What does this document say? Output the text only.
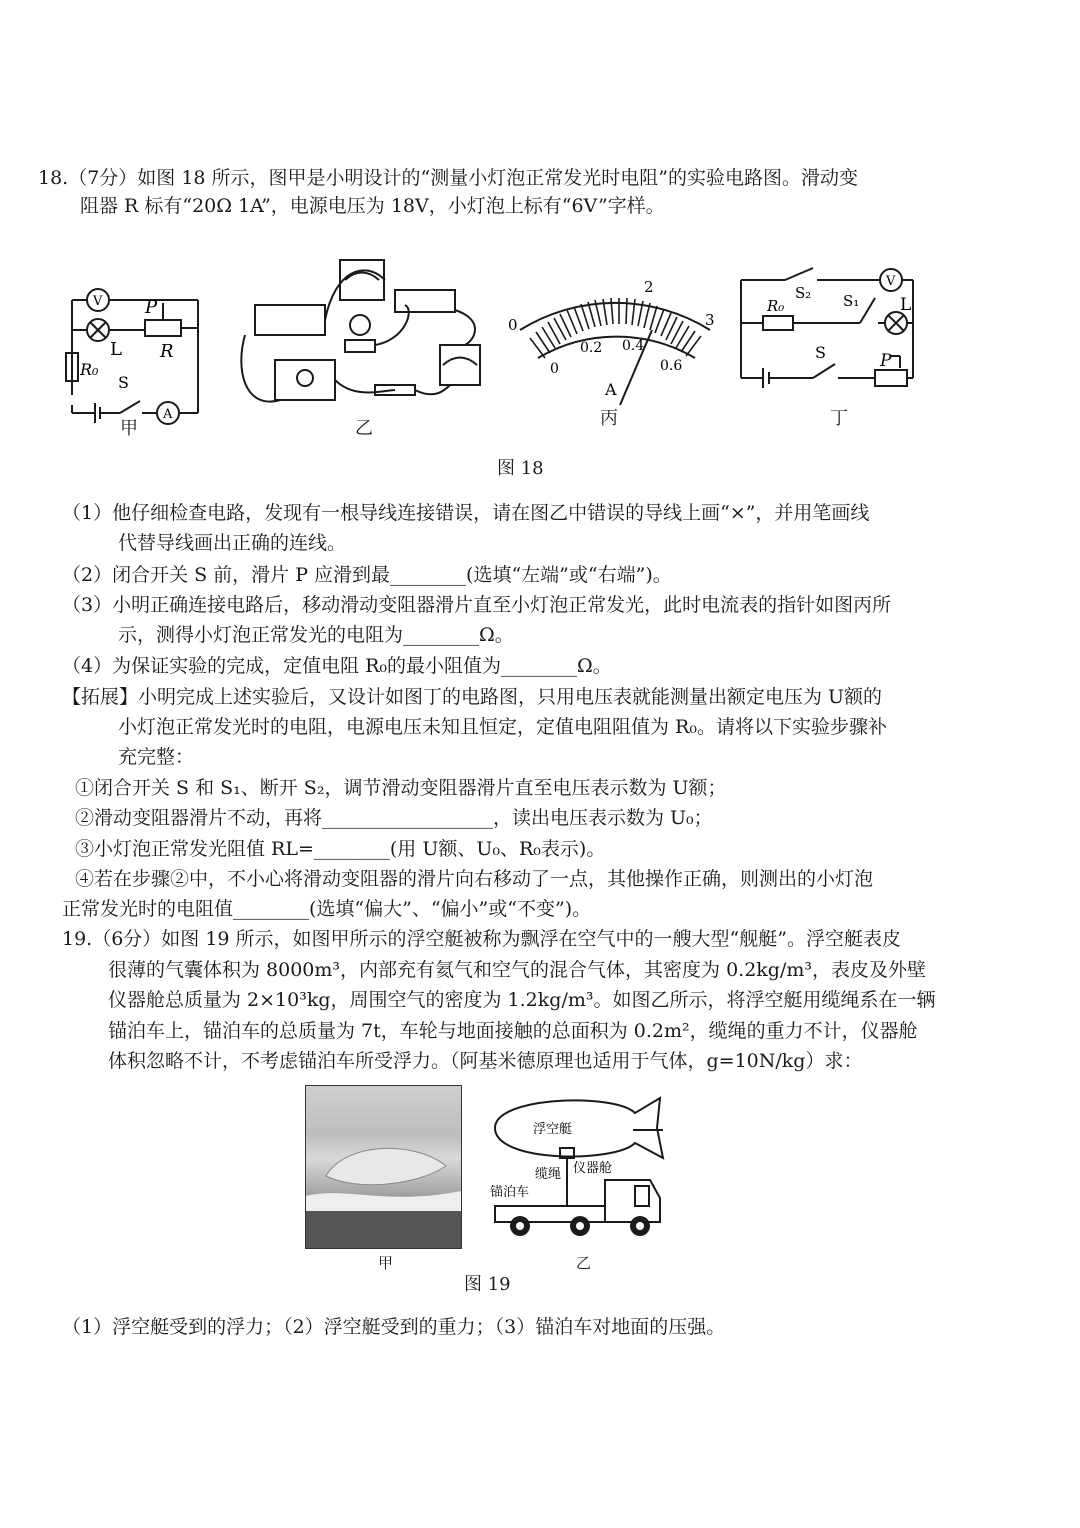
18.（7分）如图 18 所示，图甲是小明设计的“测量小灯泡正常发光时电阻”的实验电路图。滑动变
阻器 R 标有“20Ω 1A”，电源电压为 18V，小灯泡上标有“6V”字样。
V
L
P
R
R₀
S
A
甲	乙
0
2
3
0
0.2 0.4
0.6
A
丙
V
L
R₀
S₂ S₁
S	P
丁
图 18
（1）他仔细检查电路，发现有一根导线连接错误，请在图乙中错误的导线上画“×”，并用笔画线
代替导线画出正确的连线。
（2）闭合开关 S 前，滑片 P 应滑到最________(选填“左端”或“右端”)。
（3）小明正确连接电路后，移动滑动变阻器滑片直至小灯泡正常发光，此时电流表的指针如图丙所
示，测得小灯泡正常发光的电阻为________Ω。
（4）为保证实验的完成，定值电阻 R₀的最小阻值为________Ω。
【拓展】小明完成上述实验后，又设计如图丁的电路图，只用电压表就能测量出额定电压为 U额的
小灯泡正常发光时的电阻，电源电压未知且恒定，定值电阻阻值为 R₀。请将以下实验步骤补
充完整：
①闭合开关 S 和 S₁、断开 S₂，调节滑动变阻器滑片直至电压表示数为 U额；
②滑动变阻器滑片不动，再将__________________，读出电压表示数为 U₀；
③小灯泡正常发光阻值 RL=________(用 U额、U₀、R₀表示)。
④若在步骤②中，不小心将滑动变阻器的滑片向右移动了一点，其他操作正确，则测出的小灯泡
正常发光时的电阻值________(选填“偏大”、“偏小”或“不变”)。
19.（6分）如图 19 所示，如图甲所示的浮空艇被称为飘浮在空气中的一艘大型“舰艇”。浮空艇表皮
很薄的气囊体积为 8000m³，内部充有氦气和空气的混合气体，其密度为 0.2kg/m³，表皮及外壁
仪器舱总质量为 2×10³kg，周围空气的密度为 1.2kg/m³。如图乙所示，将浮空艇用缆绳系在一辆
锚泊车上，锚泊车的总质量为 7t，车轮与地面接触的总面积为 0.2m²，缆绳的重力不计，仪器舱
体积忽略不计，不考虑锚泊车所受浮力。（阿基米德原理也适用于气体，g=10N/kg）求：
甲
浮空艇
缆绳 仪器舱
锚泊车
乙
图 19
（1）浮空艇受到的浮力；（2）浮空艇受到的重力；（3）锚泊车对地面的压强。
